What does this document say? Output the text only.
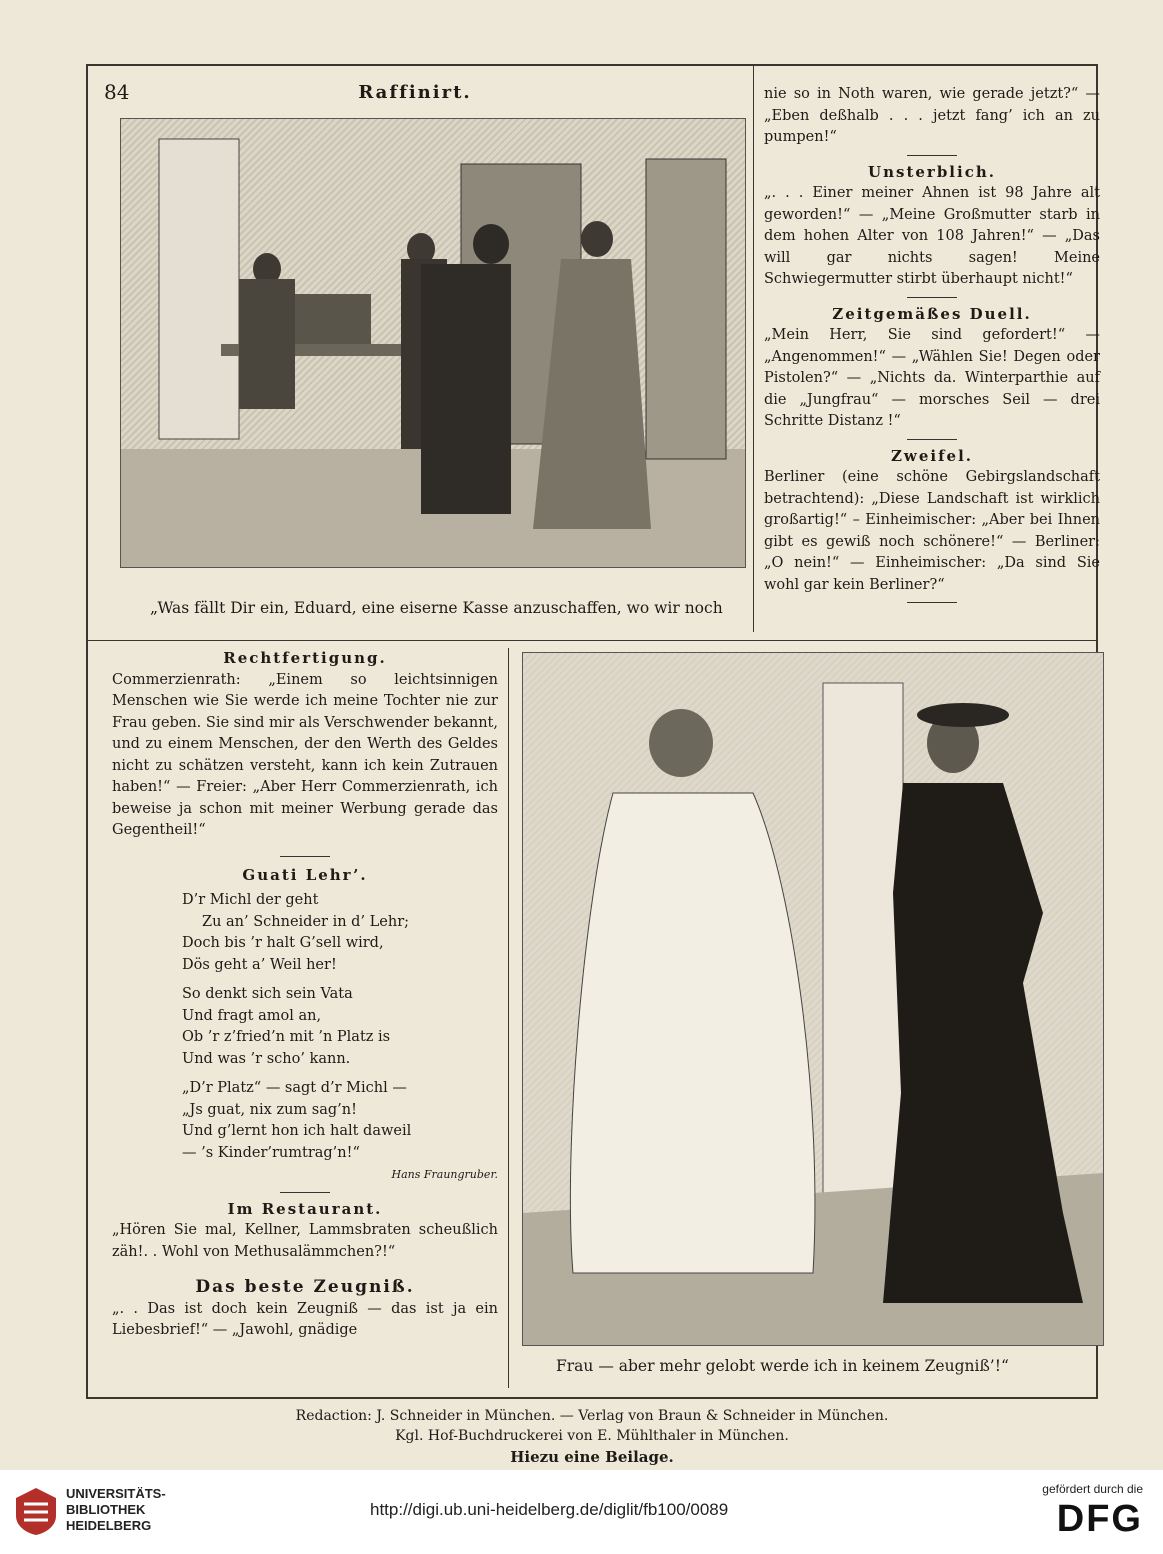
84	Raffinirt.
„Was fällt Dir ein, Eduard, eine eiserne Kasse anzuschaffen, wo wir noch
nie so in Noth waren, wie gerade jetzt?“ — „Eben deßhalb . . . jetzt fang’ ich an zu pumpen!“
Unsterblich.
„. . . Einer meiner Ahnen ist 98 Jahre alt geworden!“ — „Meine Großmutter starb in dem hohen Alter von 108 Jahren!“ — „Das will gar nichts sagen! Meine Schwiegermutter stirbt überhaupt nicht!“
Zeitgemäßes Duell.
„Mein Herr, Sie sind gefordert!“ — „Angenommen!“ — „Wählen Sie! Degen oder Pistolen?“ — „Nichts da. Winterparthie auf die „Jungfrau“ — morsches Seil — drei Schritte Distanz !“
Zweifel.
Berliner (eine schöne Gebirgslandschaft betrachtend): „Diese Landschaft ist wirklich großartig!“ – Einheimischer: „Aber bei Ihnen gibt es gewiß noch schönere!“ — Berliner: „O nein!“ — Einheimischer: „Da sind Sie wohl gar kein Berliner?“
Rechtfertigung.
Commerzienrath: „Einem so leichtsinnigen Menschen wie Sie werde ich meine Tochter nie zur Frau geben. Sie sind mir als Verschwender bekannt, und zu einem Menschen, der den Werth des Geldes nicht zu schätzen versteht, kann ich kein Zutrauen haben!“ — Freier: „Aber Herr Commerzienrath, ich beweise ja schon mit meiner Werbung gerade das Gegentheil!“
Guati Lehr’.
D’r Michl der geht
Zu an’ Schneider in d’ Lehr;
Doch bis ’r halt G’sell wird,
Dös geht a’ Weil her!
So denkt sich sein Vata
Und fragt amol an,
Ob ’r z’fried’n mit ’n Platz is
Und was ’r scho’ kann.
„D’r Platz“ — sagt d’r Michl —
„Js guat, nix zum sag’n!
Und g’lernt hon ich halt daweil
— ’s Kinder’rumtrag’n!“
Hans Fraungruber.
Im Restaurant.
„Hören Sie mal, Kellner, Lammsbraten scheußlich zäh!. . Wohl von Methusalämmchen?!“
Das beste Zeugniß.
„. . Das ist doch kein Zeugniß — das ist ja ein Liebesbrief!“ — „Jawohl, gnädige
Frau — aber mehr gelobt werde ich in keinem Zeugniß’!“
Redaction: J. Schneider in München. — Verlag von Braun & Schneider in München.
Kgl. Hof-Buchdruckerei von E. Mühlthaler in München.
Hiezu eine Beilage.
UNIVERSITÄTS-
BIBLIOTHEK
HEIDELBERG
http://digi.ub.uni-heidelberg.de/diglit/fb100/0089
gefördert durch die
DFG
